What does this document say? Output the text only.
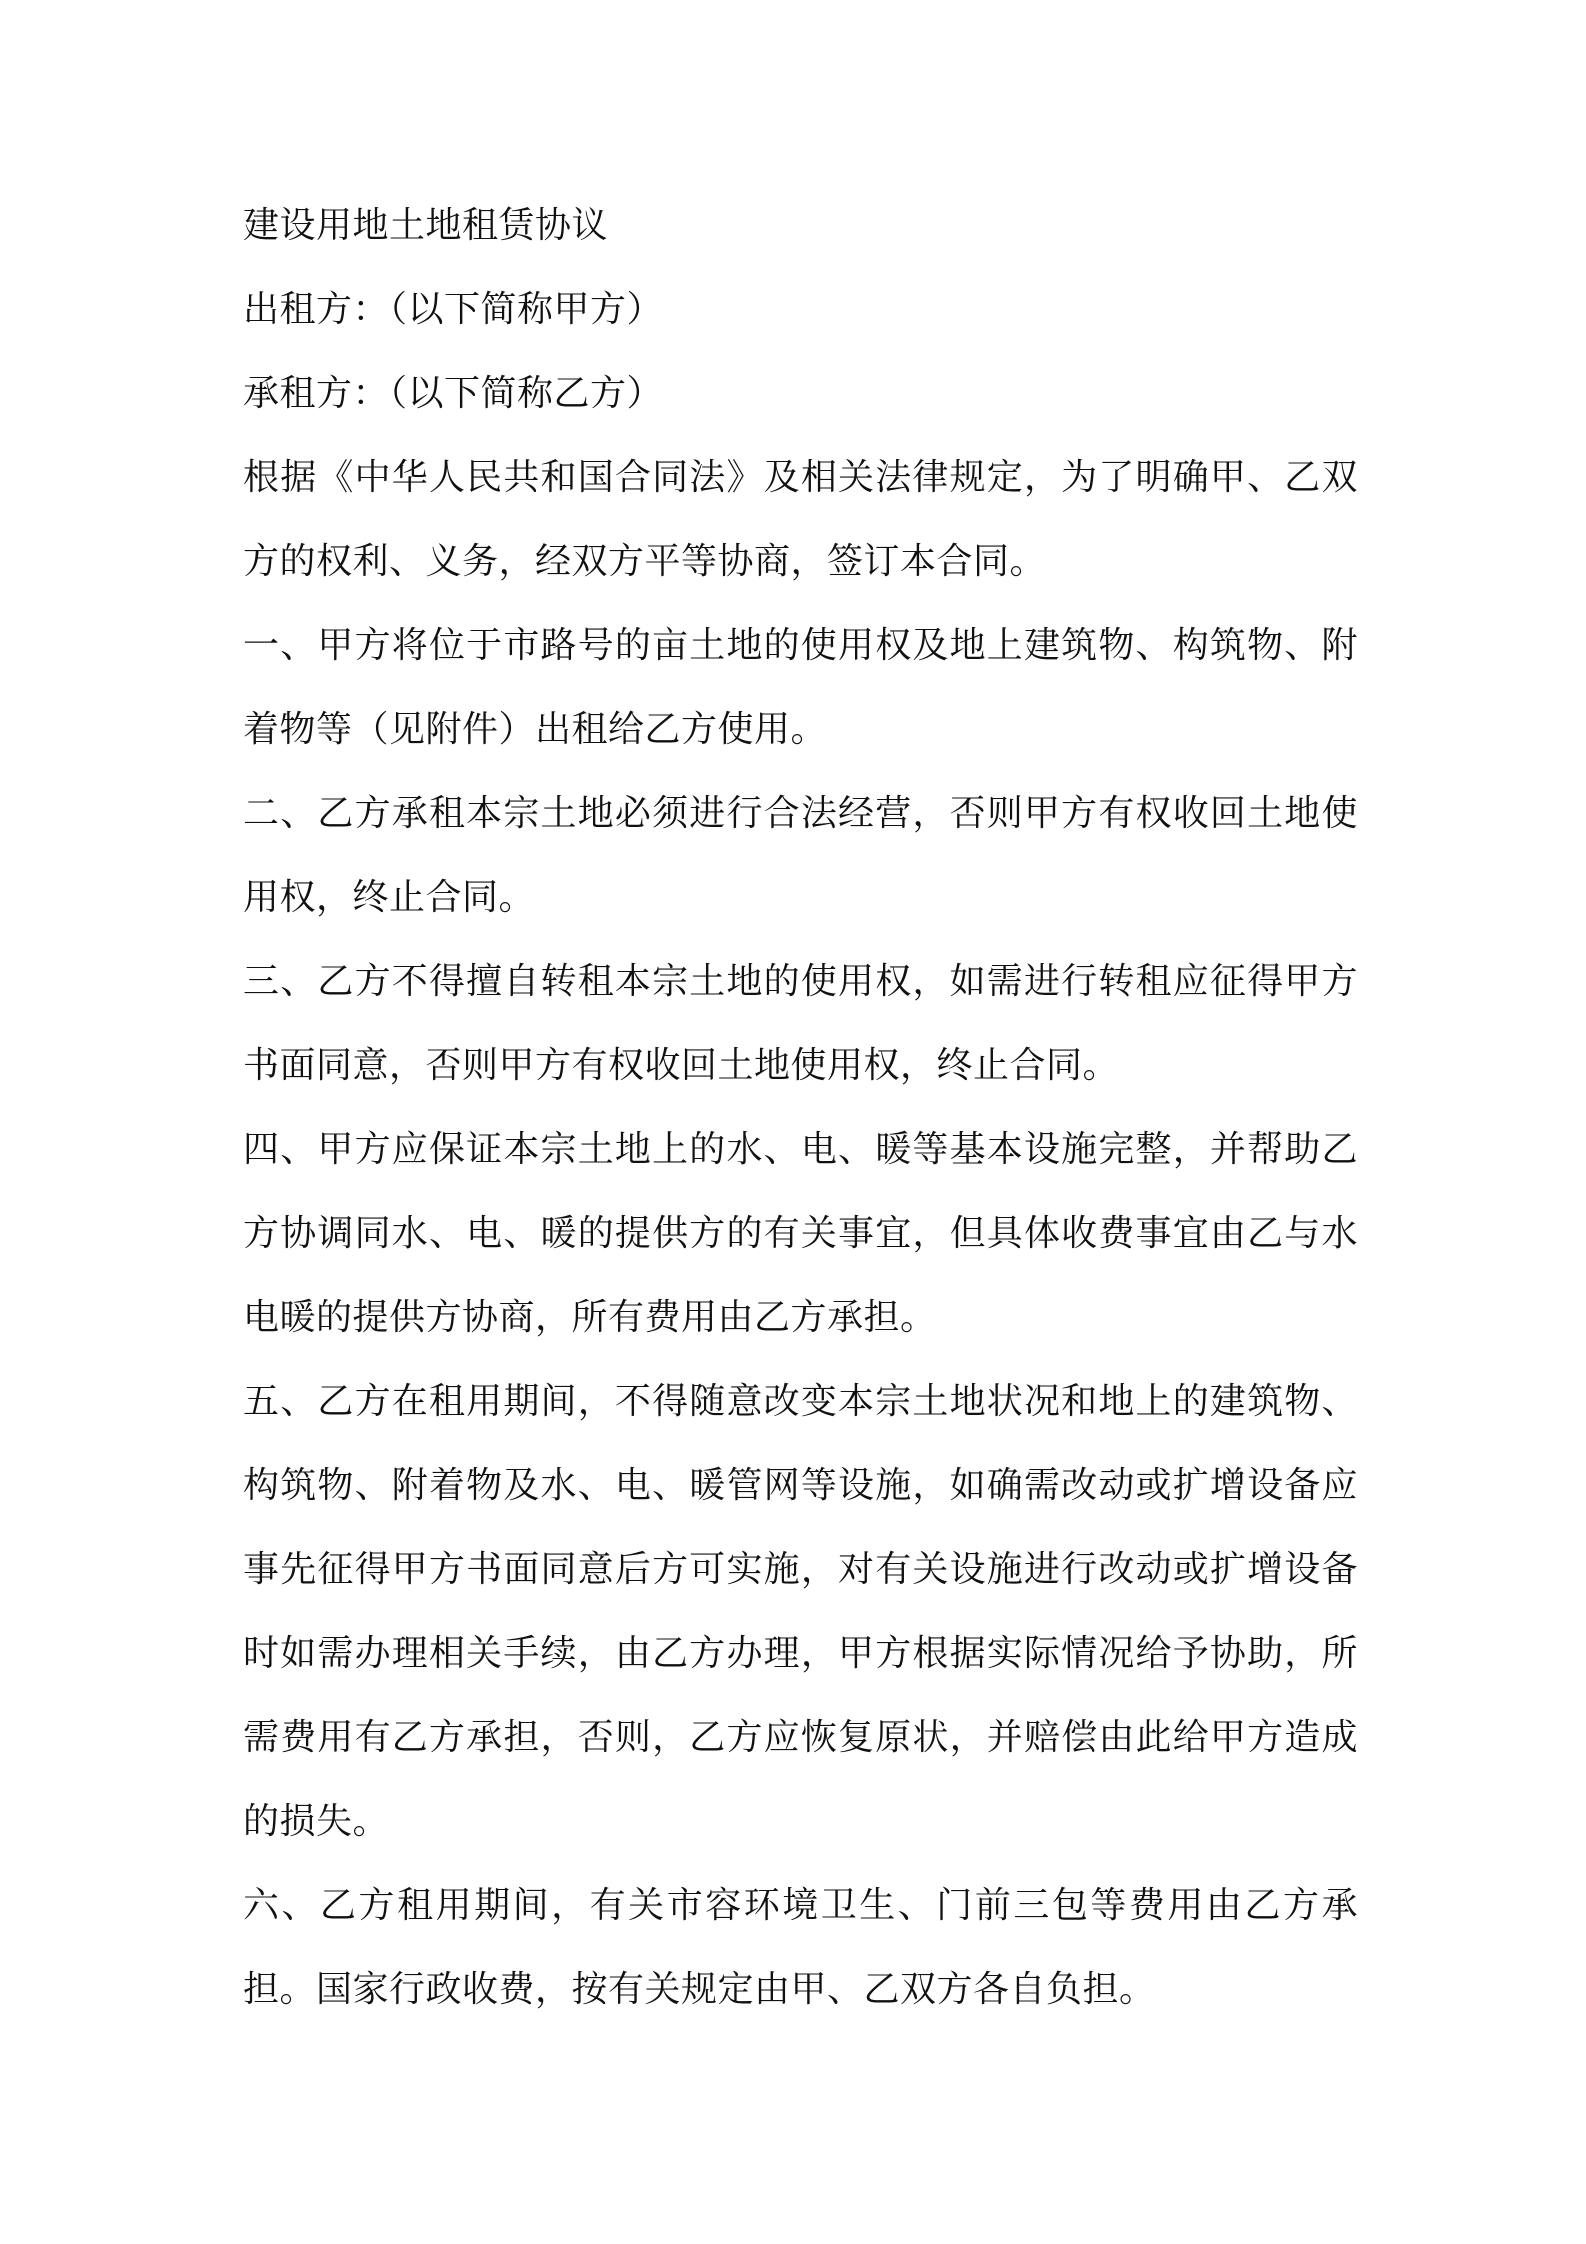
建设用地土地租赁协议

出租方：（以下简称甲方）

承租方：（以下简称乙方）

根据《中华人民共和国合同法》及相关法律规定，为了明确甲、乙双方的权利、义务，经双方平等协商，签订本合同。

一、甲方将位于市路号的亩土地的使用权及地上建筑物、构筑物、附着物等（见附件）出租给乙方使用。

二、乙方承租本宗土地必须进行合法经营，否则甲方有权收回土地使用权，终止合同。

三、乙方不得擅自转租本宗土地的使用权，如需进行转租应征得甲方书面同意，否则甲方有权收回土地使用权，终止合同。

四、甲方应保证本宗土地上的水、电、暖等基本设施完整，并帮助乙方协调同水、电、暖的提供方的有关事宜，但具体收费事宜由乙与水电暖的提供方协商，所有费用由乙方承担。

五、乙方在租用期间，不得随意改变本宗土地状况和地上的建筑物、构筑物、附着物及水、电、暖管网等设施，如确需改动或扩增设备应事先征得甲方书面同意后方可实施，对有关设施进行改动或扩增设备时如需办理相关手续，由乙方办理，甲方根据实际情况给予协助，所需费用有乙方承担，否则，乙方应恢复原状，并赔偿由此给甲方造成的损失。

六、乙方租用期间，有关市容环境卫生、门前三包等费用由乙方承担。国家行政收费，按有关规定由甲、乙双方各自负担。
